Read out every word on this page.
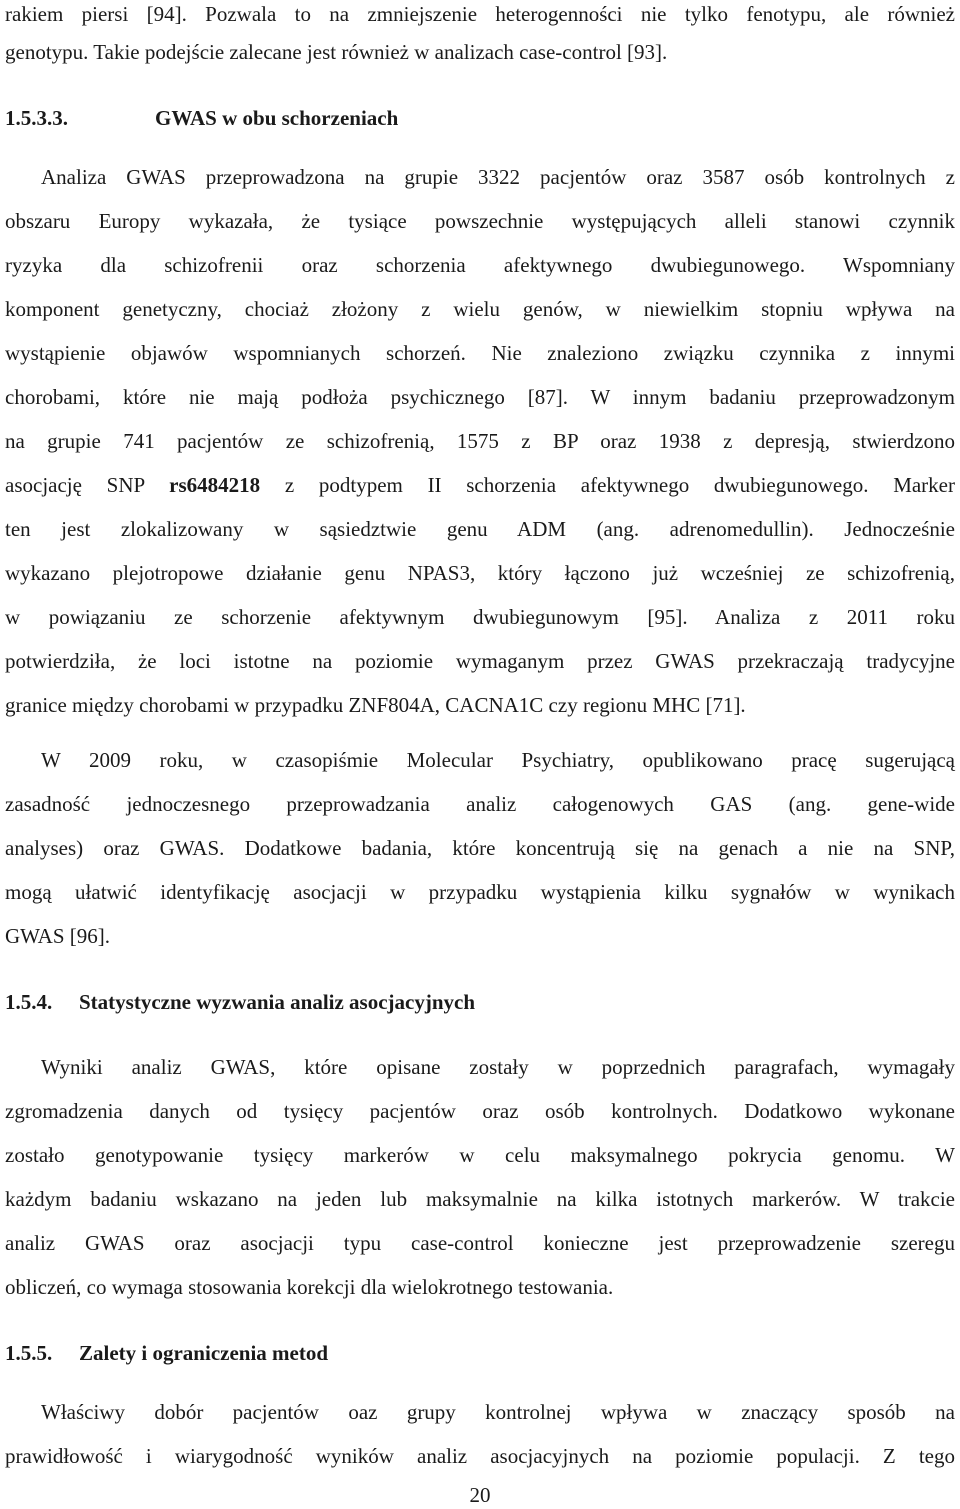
rakiem piersi [94]. Pozwala to na zmniejszenie heterogenności nie tylko fenotypu, ale również
genotypu. Takie podejście zalecane jest również w analizach case-control [93].
1.5.3.3.	GWAS w obu schorzeniach
Analiza GWAS przeprowadzona na grupie 3322 pacjentów oraz 3587 osób kontrolnych z
obszaru Europy wykazała, że tysiące powszechnie występujących alleli stanowi czynnik
ryzyka dla schizofrenii oraz schorzenia afektywnego dwubiegunowego. Wspomniany
komponent genetyczny, chociaż złożony z wielu genów, w niewielkim stopniu wpływa na
wystąpienie objawów wspomnianych schorzeń. Nie znaleziono związku czynnika z innymi
chorobami, które nie mają podłoża psychicznego [87]. W innym badaniu przeprowadzonym
na grupie 741 pacjentów ze schizofrenią, 1575 z BP oraz 1938 z depresją, stwierdzono
asocjację SNP rs6484218 z podtypem II schorzenia afektywnego dwubiegunowego. Marker
ten jest zlokalizowany w sąsiedztwie genu ADM (ang. adrenomedullin). Jednocześnie
wykazano plejotropowe działanie genu NPAS3, który łączono już wcześniej ze schizofrenią,
w powiązaniu ze schorzenie afektywnym dwubiegunowym [95]. Analiza z 2011 roku
potwierdziła, że loci istotne na poziomie wymaganym przez GWAS przekraczają tradycyjne
granice między chorobami w przypadku ZNF804A, CACNA1C czy regionu MHC [71].
W 2009 roku, w czasopiśmie Molecular Psychiatry, opublikowano pracę sugerującą
zasadność jednoczesnego przeprowadzania analiz całogenowych GAS (ang. gene-wide
analyses) oraz GWAS. Dodatkowe badania, które koncentrują się na genach a nie na SNP,
mogą ułatwić identyfikację asocjacji w przypadku wystąpienia kilku sygnałów w wynikach
GWAS [96].
1.5.4. Statystyczne wyzwania analiz asocjacyjnych
Wyniki analiz GWAS, które opisane zostały w poprzednich paragrafach, wymagały
zgromadzenia danych od tysięcy pacjentów oraz osób kontrolnych. Dodatkowo wykonane
zostało genotypowanie tysięcy markerów w celu maksymalnego pokrycia genomu. W
każdym badaniu wskazano na jeden lub maksymalnie na kilka istotnych markerów. W trakcie
analiz GWAS oraz asocjacji typu case-control konieczne jest przeprowadzenie szeregu
obliczeń, co wymaga stosowania korekcji dla wielokrotnego testowania.
1.5.5. Zalety i ograniczenia metod
Właściwy dobór pacjentów oaz grupy kontrolnej wpływa w znaczący sposób na
prawidłowość i wiarygodność wyników analiz asocjacyjnych na poziomie populacji. Z tego
20
